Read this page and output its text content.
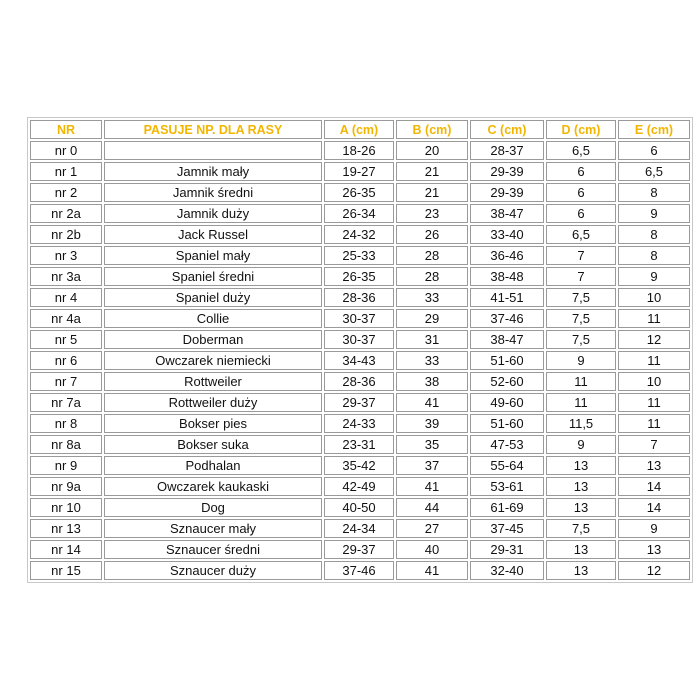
NR	PASUJE NP. DLA RASY	A (cm)	B (cm)	C (cm)	D (cm)	E (cm)
nr 0		18-26	20	28-37	6,5	6
nr 1	Jamnik mały	19-27	21	29-39	6	6,5
nr 2	Jamnik średni	26-35	21	29-39	6	8
nr 2a	Jamnik duży	26-34	23	38-47	6	9
nr 2b	Jack Russel	24-32	26	33-40	6,5	8
nr 3	Spaniel mały	25-33	28	36-46	7	8
nr 3a	Spaniel średni	26-35	28	38-48	7	9
nr 4	Spaniel duży	28-36	33	41-51	7,5	10
nr 4a	Collie	30-37	29	37-46	7,5	11
nr 5	Doberman	30-37	31	38-47	7,5	12
nr 6	Owczarek niemiecki	34-43	33	51-60	9	11
nr 7	Rottweiler	28-36	38	52-60	11	10
nr 7a	Rottweiler duży	29-37	41	49-60	11	11
nr 8	Bokser pies	24-33	39	51-60	11,5	11
nr 8a	Bokser suka	23-31	35	47-53	9	7
nr 9	Podhalan	35-42	37	55-64	13	13
nr 9a	Owczarek kaukaski	42-49	41	53-61	13	14
nr 10	Dog	40-50	44	61-69	13	14
nr 13	Sznaucer mały	24-34	27	37-45	7,5	9
nr 14	Sznaucer średni	29-37	40	29-31	13	13
nr 15	Sznaucer duży	37-46	41	32-40	13	12
